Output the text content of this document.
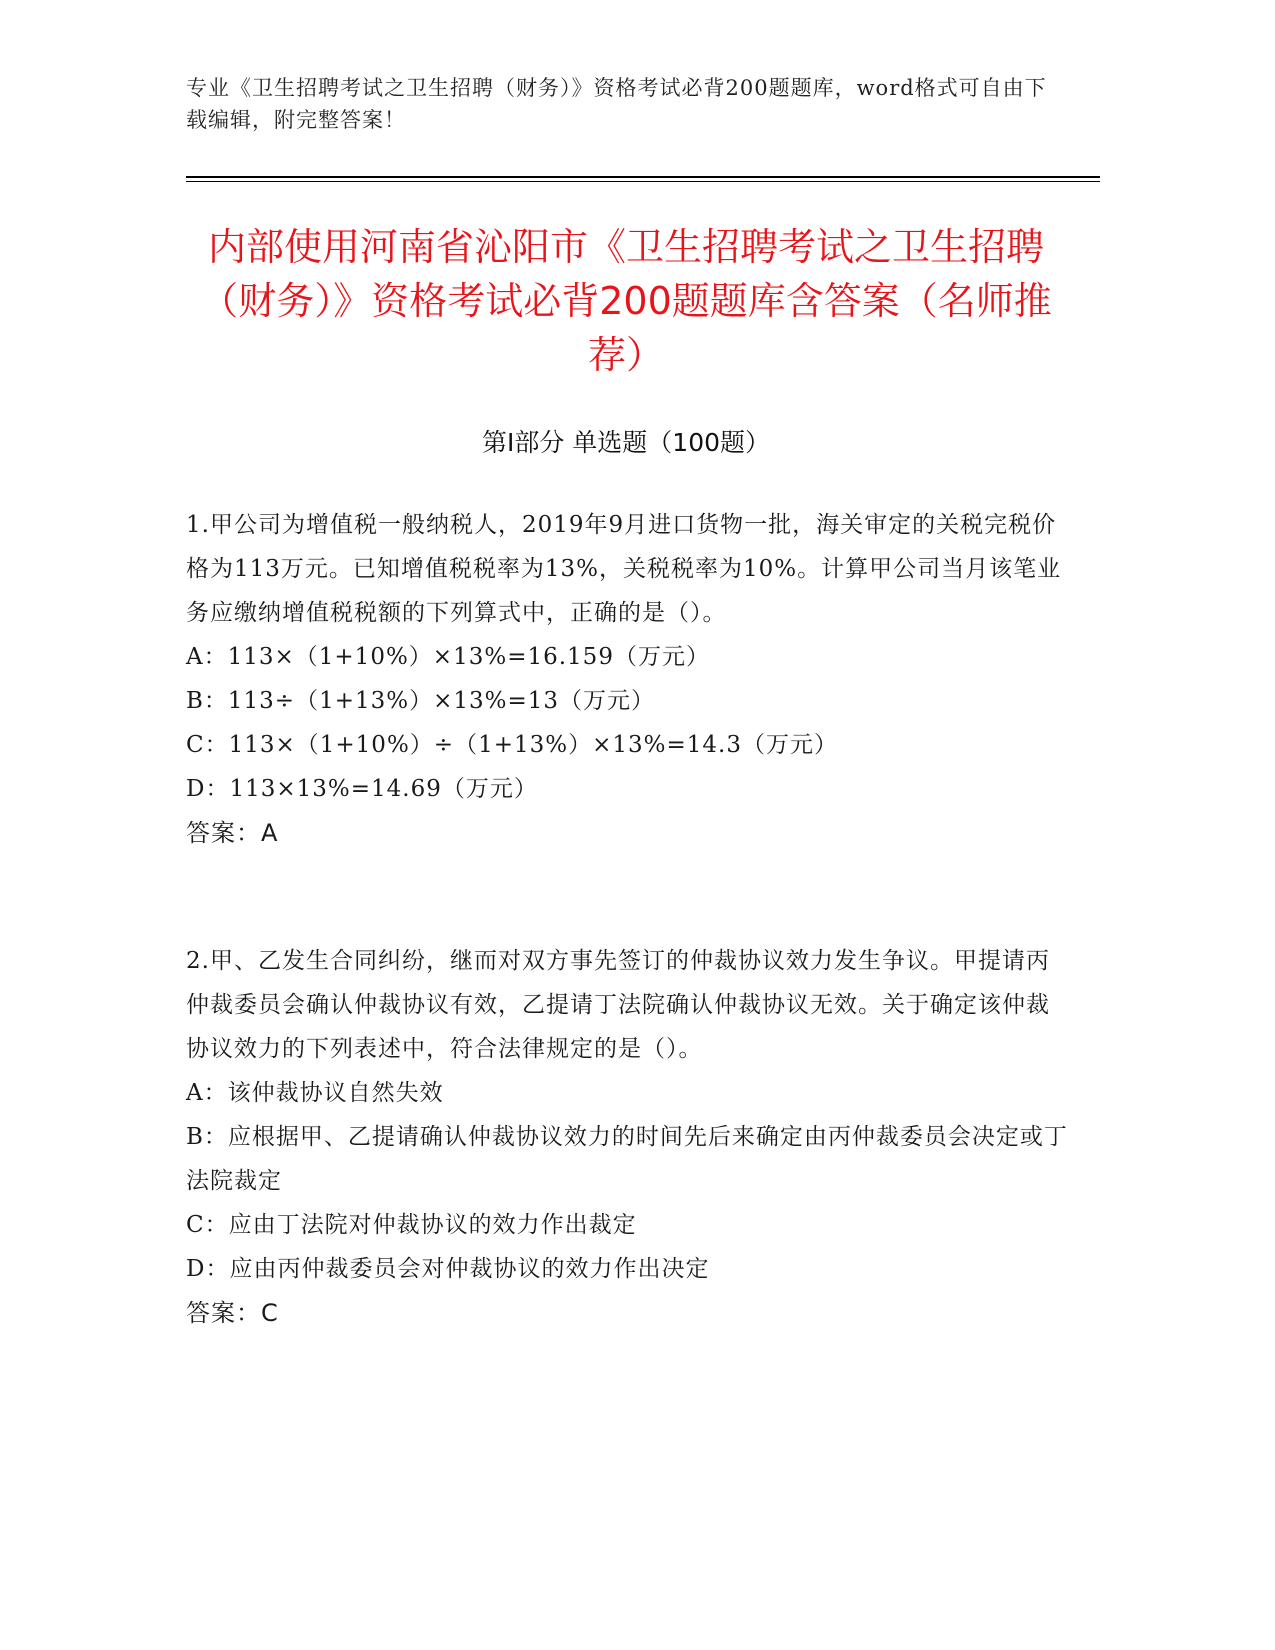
专业《卫生招聘考试之卫生招聘（财务）》资格考试必背200题题库，word格式可自由下载编辑，附完整答案！
内部使用河南省沁阳市《卫生招聘考试之卫生招聘（财务）》资格考试必背200题题库含答案（名师推荐）
第Ⅰ部分 单选题（100题）

1.甲公司为增值税一般纳税人，2019年9月进口货物一批，海关审定的关税完税价格为113万元。已知增值税税率为13%，关税税率为10%。计算甲公司当月该笔业务应缴纳增值税税额的下列算式中，正确的是（）。

A：113×（1+10%）×13%=16.159（万元）

B：113÷（1+13%）×13%=13（万元）

C：113×（1+10%）÷（1+13%）×13%=14.3（万元）

D：113×13%=14.69（万元）

答案：A

2.甲、乙发生合同纠纷，继而对双方事先签订的仲裁协议效力发生争议。甲提请丙仲裁委员会确认仲裁协议有效，乙提请丁法院确认仲裁协议无效。关于确定该仲裁协议效力的下列表述中，符合法律规定的是（）。

A：该仲裁协议自然失效

B：应根据甲、乙提请确认仲裁协议效力的时间先后来确定由丙仲裁委员会决定或丁法院裁定

C：应由丁法院对仲裁协议的效力作出裁定

D：应由丙仲裁委员会对仲裁协议的效力作出决定

答案：C
